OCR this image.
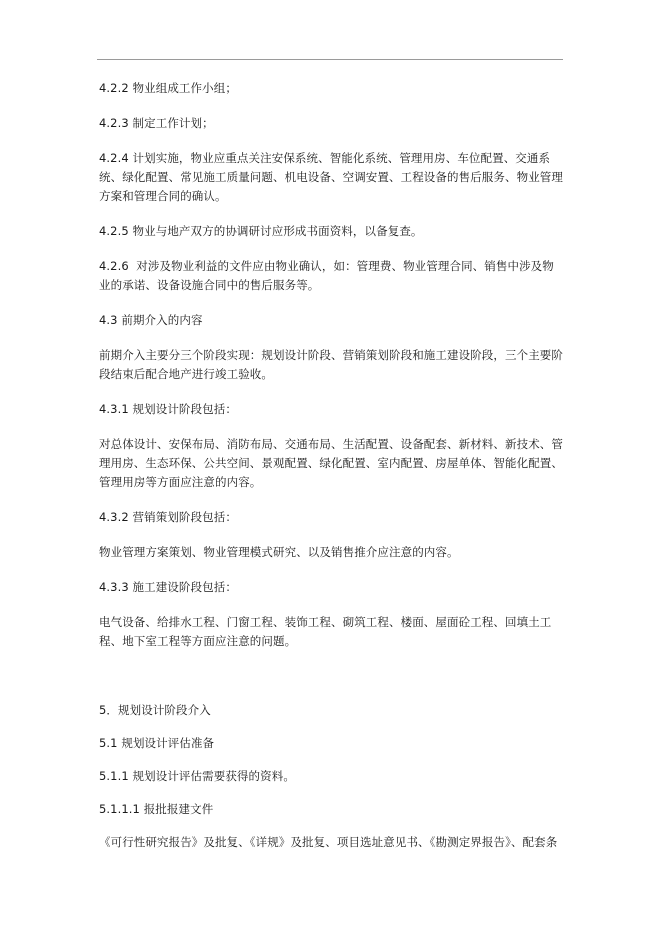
4.2.2 物业组成工作小组；
4.2.3 制定工作计划；
4.2.4 计划实施，物业应重点关注安保系统、智能化系统、管理用房、车位配置、交通系统、绿化配置、常见施工质量问题、机电设备、空调安置、工程设备的售后服务、物业管理方案和管理合同的确认。
4.2.5 物业与地产双方的协调研讨应形成书面资料，以备复查。
4.2.6  对涉及物业利益的文件应由物业确认，如：管理费、物业管理合同、销售中涉及物业的承诺、设备设施合同中的售后服务等。
4.3 前期介入的内容
前期介入主要分三个阶段实现：规划设计阶段、营销策划阶段和施工建设阶段，三个主要阶段结束后配合地产进行竣工验收。
4.3.1 规划设计阶段包括：
对总体设计、安保布局、消防布局、交通布局、生活配置、设备配套、新材料、新技术、管理用房、生态环保、公共空间、景观配置、绿化配置、室内配置、房屋单体、智能化配置、管理用房等方面应注意的内容。
4.3.2 营销策划阶段包括：
物业管理方案策划、物业管理模式研究、以及销售推介应注意的内容。
4.3.3 施工建设阶段包括：
电气设备、给排水工程、门窗工程、装饰工程、砌筑工程、楼面、屋面砼工程、回填土工程、地下室工程等方面应注意的问题。
5．规划设计阶段介入
5.1 规划设计评估准备
5.1.1 规划设计评估需要获得的资料。
5.1.1.1 报批报建文件
《可行性研究报告》及批复、《详规》及批复、项目选址意见书、《勘测定界报告》、配套条
